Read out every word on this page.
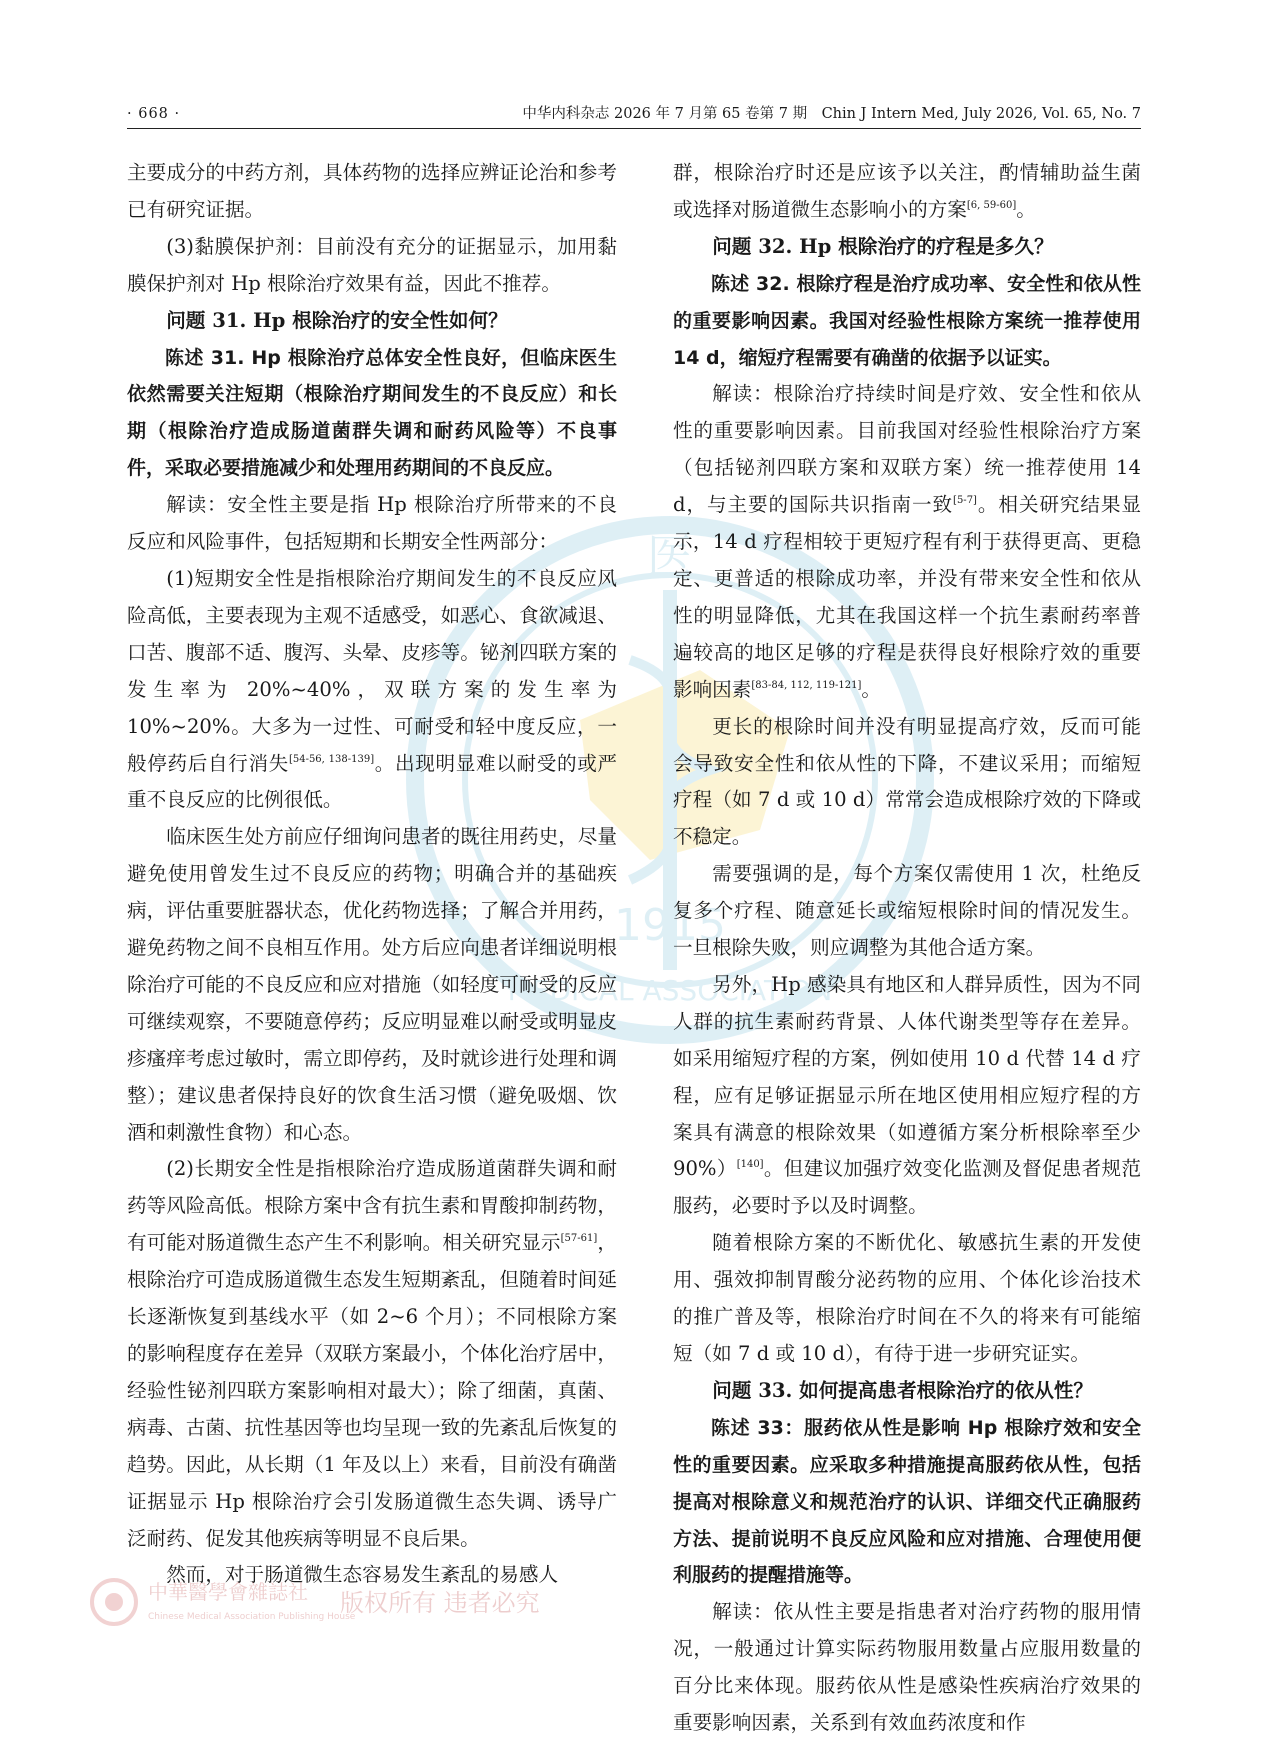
· 668 ·	中华内科杂志 2026 年 7 月第 65 卷第 7 期　Chin J Intern Med, July 2026, Vol. 65, No. 7
医
1915
MEDICAL ASSOCIATION

主要成分的中药方剂，具体药物的选择应辨证论治和参考已有研究证据。

(3)黏膜保护剂：目前没有充分的证据显示，加用黏膜保护剂对 Hp 根除治疗效果有益，因此不推荐。

问题 31. Hp 根除治疗的安全性如何？

陈述 31. Hp 根除治疗总体安全性良好，但临床医生依然需要关注短期（根除治疗期间发生的不良反应）和长期（根除治疗造成肠道菌群失调和耐药风险等）不良事件，采取必要措施减少和处理用药期间的不良反应。

解读：安全性主要是指 Hp 根除治疗所带来的不良反应和风险事件，包括短期和长期安全性两部分：

(1)短期安全性是指根除治疗期间发生的不良反应风险高低，主要表现为主观不适感受，如恶心、食欲减退、口苦、腹部不适、腹泻、头晕、皮疹等。铋剂四联方案的发生率为 20%~40%，双联方案的发生率为 10%~20%。大多为一过性、可耐受和轻中度反应，一般停药后自行消失[54-56, 138-139]。出现明显难以耐受的或严重不良反应的比例很低。

临床医生处方前应仔细询问患者的既往用药史，尽量避免使用曾发生过不良反应的药物；明确合并的基础疾病，评估重要脏器状态，优化药物选择；了解合并用药，避免药物之间不良相互作用。处方后应向患者详细说明根除治疗可能的不良反应和应对措施（如轻度可耐受的反应可继续观察，不要随意停药；反应明显难以耐受或明显皮疹瘙痒考虑过敏时，需立即停药，及时就诊进行处理和调整）；建议患者保持良好的饮食生活习惯（避免吸烟、饮酒和刺激性食物）和心态。

(2)长期安全性是指根除治疗造成肠道菌群失调和耐药等风险高低。根除方案中含有抗生素和胃酸抑制药物，有可能对肠道微生态产生不利影响。相关研究显示[57-61]，根除治疗可造成肠道微生态发生短期紊乱，但随着时间延长逐渐恢复到基线水平（如 2~6 个月）；不同根除方案的影响程度存在差异（双联方案最小，个体化治疗居中，经验性铋剂四联方案影响相对最大）；除了细菌，真菌、病毒、古菌、抗性基因等也均呈现一致的先紊乱后恢复的趋势。因此，从长期（1 年及以上）来看，目前没有确凿证据显示 Hp 根除治疗会引发肠道微生态失调、诱导广泛耐药、促发其他疾病等明显不良后果。

然而，对于肠道微生态容易发生紊乱的易感人

群，根除治疗时还是应该予以关注，酌情辅助益生菌或选择对肠道微生态影响小的方案[6, 59-60]。

问题 32. Hp 根除治疗的疗程是多久？

陈述 32. 根除疗程是治疗成功率、安全性和依从性的重要影响因素。我国对经验性根除方案统一推荐使用 14 d，缩短疗程需要有确凿的依据予以证实。

解读：根除治疗持续时间是疗效、安全性和依从性的重要影响因素。目前我国对经验性根除治疗方案（包括铋剂四联方案和双联方案）统一推荐使用 14 d，与主要的国际共识指南一致[5-7]。相关研究结果显示，14 d 疗程相较于更短疗程有利于获得更高、更稳定、更普适的根除成功率，并没有带来安全性和依从性的明显降低，尤其在我国这样一个抗生素耐药率普遍较高的地区足够的疗程是获得良好根除疗效的重要影响因素[83-84, 112, 119-121]。

更长的根除时间并没有明显提高疗效，反而可能会导致安全性和依从性的下降，不建议采用；而缩短疗程（如 7 d 或 10 d）常常会造成根除疗效的下降或不稳定。

需要强调的是，每个方案仅需使用 1 次，杜绝反复多个疗程、随意延长或缩短根除时间的情况发生。一旦根除失败，则应调整为其他合适方案。

另外，Hp 感染具有地区和人群异质性，因为不同人群的抗生素耐药背景、人体代谢类型等存在差异。如采用缩短疗程的方案，例如使用 10 d 代替 14 d 疗程，应有足够证据显示所在地区使用相应短疗程的方案具有满意的根除效果（如遵循方案分析根除率至少 90%）[140]。但建议加强疗效变化监测及督促患者规范服药，必要时予以及时调整。

随着根除方案的不断优化、敏感抗生素的开发使用、强效抑制胃酸分泌药物的应用、个体化诊治技术的推广普及等，根除治疗时间在不久的将来有可能缩短（如 7 d 或 10 d），有待于进一步研究证实。

问题 33. 如何提高患者根除治疗的依从性？

陈述 33：服药依从性是影响 Hp 根除疗效和安全性的重要因素。应采取多种措施提高服药依从性，包括提高对根除意义和规范治疗的认识、详细交代正确服药方法、提前说明不良反应风险和应对措施、合理使用便利服药的提醒措施等。

解读：依从性主要是指患者对治疗药物的服用情况，一般通过计算实际药物服用数量占应服用数量的百分比来体现。服药依从性是感染性疾病治疗效果的重要影响因素，关系到有效血药浓度和作

中華醫學會雜誌社
Chinese Medical Association Publishing House
版权所有 违者必究
